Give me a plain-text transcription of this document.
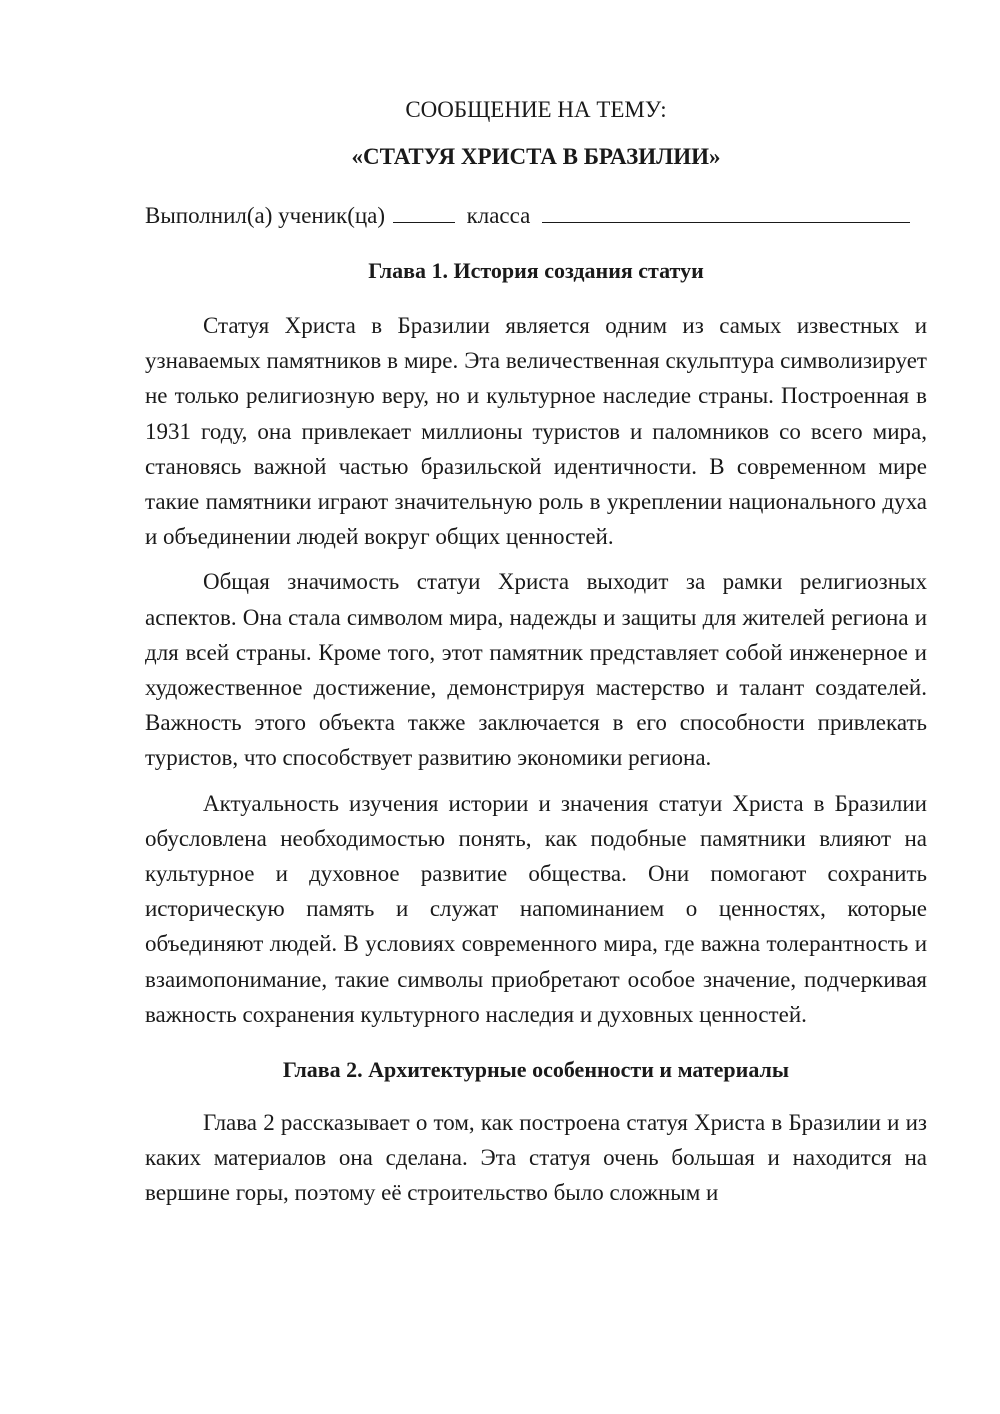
СООБЩЕНИЕ НА ТЕМУ:

«СТАТУЯ ХРИСТА В БРАЗИЛИИ»

Выполнил(а) ученик(ца)	класса

Глава 1. История создания статуи

Статуя Христа в Бразилии является одним из самых известных и узнаваемых памятников в мире. Эта величественная скульптура символизирует не только религиозную веру, но и культурное наследие страны. Построенная в 1931 году, она привлекает миллионы туристов и паломников со всего мира, становясь важной частью бразильской идентичности. В современном мире такие памятники играют значительную роль в укреплении национального духа и объединении людей вокруг общих ценностей.

Общая значимость статуи Христа выходит за рамки религиозных аспектов. Она стала символом мира, надежды и защиты для жителей региона и для всей страны. Кроме того, этот памятник представляет собой инженерное и художественное достижение, демонстрируя мастерство и талант создателей. Важность этого объекта также заключается в его способности привлекать туристов, что способствует развитию экономики региона.

Актуальность изучения истории и значения статуи Христа в Бразилии обусловлена необходимостью понять, как подобные памятники влияют на культурное и духовное развитие общества. Они помогают сохранить историческую память и служат напоминанием о ценностях, которые объединяют людей. В условиях современного мира, где важна толерантность и взаимопонимание, такие символы приобретают особое значение, подчеркивая важность сохранения культурного наследия и духовных ценностей.

Глава 2. Архитектурные особенности и материалы

Глава 2 рассказывает о том, как построена статуя Христа в Бразилии и из каких материалов она сделана. Эта статуя очень большая и находится на вершине горы, поэтому её строительство было сложным и
